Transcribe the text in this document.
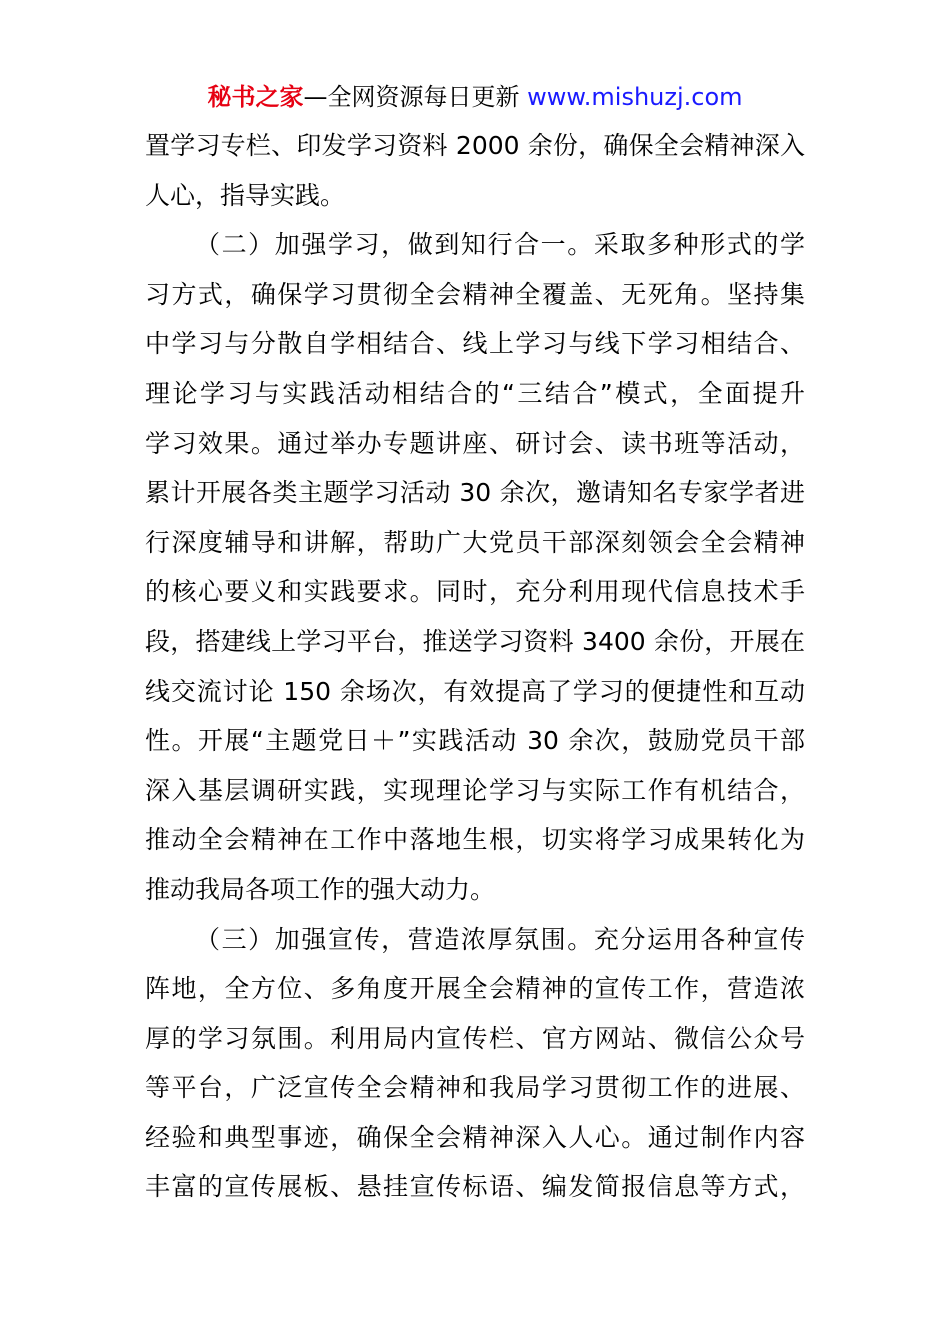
秘书之家—全网资源每日更新 www.mishuzj.com
置学习专栏、印发学习资料 2000 余份，确保全会精神深入
人心，指导实践。
（二）加强学习，做到知行合一。采取多种形式的学
习方式，确保学习贯彻全会精神全覆盖、无死角。坚持集
中学习与分散自学相结合、线上学习与线下学习相结合、
理论学习与实践活动相结合的“三结合”模式，全面提升
学习效果。通过举办专题讲座、研讨会、读书班等活动，
累计开展各类主题学习活动 30 余次，邀请知名专家学者进
行深度辅导和讲解，帮助广大党员干部深刻领会全会精神
的核心要义和实践要求。同时，充分利用现代信息技术手
段，搭建线上学习平台，推送学习资料 3400 余份，开展在
线交流讨论 150 余场次，有效提高了学习的便捷性和互动
性。开展“主题党日＋”实践活动 30 余次，鼓励党员干部
深入基层调研实践，实现理论学习与实际工作有机结合，
推动全会精神在工作中落地生根，切实将学习成果转化为
推动我局各项工作的强大动力。
（三）加强宣传，营造浓厚氛围。充分运用各种宣传
阵地，全方位、多角度开展全会精神的宣传工作，营造浓
厚的学习氛围。利用局内宣传栏、官方网站、微信公众号
等平台，广泛宣传全会精神和我局学习贯彻工作的进展、
经验和典型事迹，确保全会精神深入人心。通过制作内容
丰富的宣传展板、悬挂宣传标语、编发简报信息等方式，
